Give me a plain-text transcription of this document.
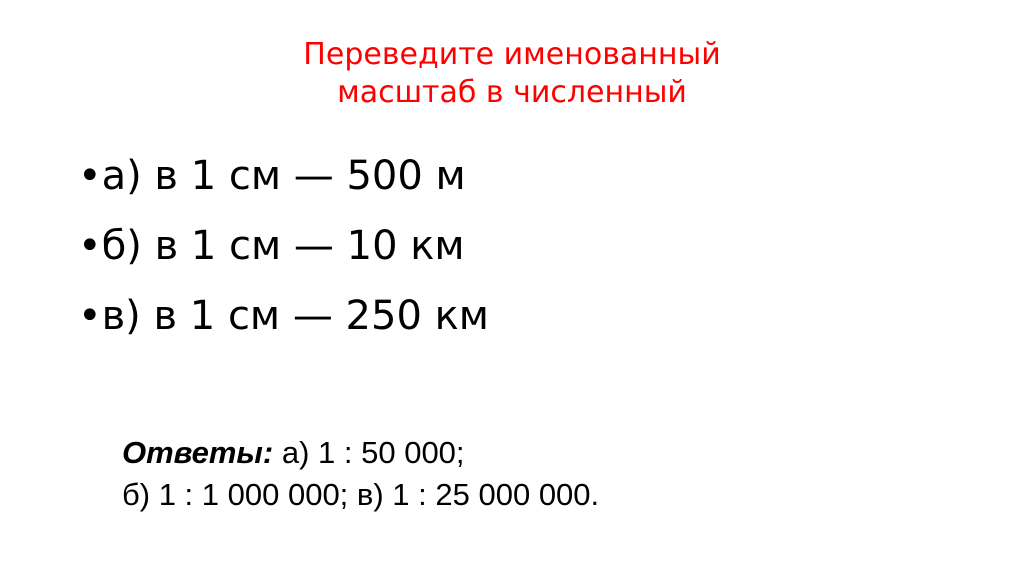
Переведите именованный
масштаб в численный
• а) в 1 см — 500 м
• б) в 1 см — 10 км
• в) в 1 см — 250 км
Ответы: а) 1 : 50 000;
б) 1 : 1 000 000; в) 1 : 25 000 000.
